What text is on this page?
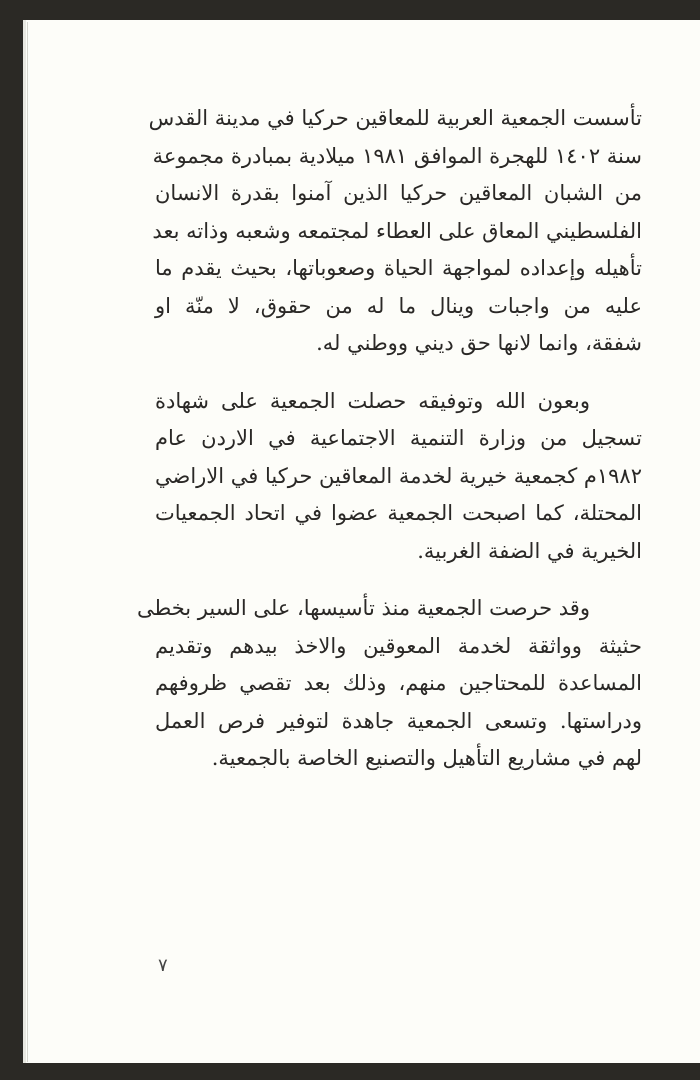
تأسست الجمعية العربية للمعاقين حركيا في مدينة القدس
سنة ١٤٠٢ للهجرة الموافق ١٩٨١ ميلادية بمبادرة مجموعة
من الشبان المعاقين حركيا الذين آمنوا بقدرة الانسان
الفلسطيني المعاق على العطاء لمجتمعه وشعبه وذاته بعد
تأهيله وإعداده لمواجهة الحياة وصعوباتها، بحيث يقدم ما
عليه من واجبات وينال ما له من حقوق، لا منّة او
شفقة، وانما لانها حق ديني ووطني له.

وبعون الله وتوفيقه حصلت الجمعية على شهادة
تسجيل من وزارة التنمية الاجتماعية في الاردن عام
١٩٨٢م كجمعية خيرية لخدمة المعاقين حركيا في الاراضي
المحتلة، كما اصبحت الجمعية عضوا في اتحاد الجمعيات
الخيرية في الضفة الغربية.

وقد حرصت الجمعية منذ تأسيسها، على السير بخطى
حثيثة وواثقة لخدمة المعوقين والاخذ بيدهم وتقديم
المساعدة للمحتاجين منهم، وذلك بعد تقصي ظروفهم
ودراستها. وتسعى الجمعية جاهدة لتوفير فرص العمل
لهم في مشاريع التأهيل والتصنيع الخاصة بالجمعية.

٧
